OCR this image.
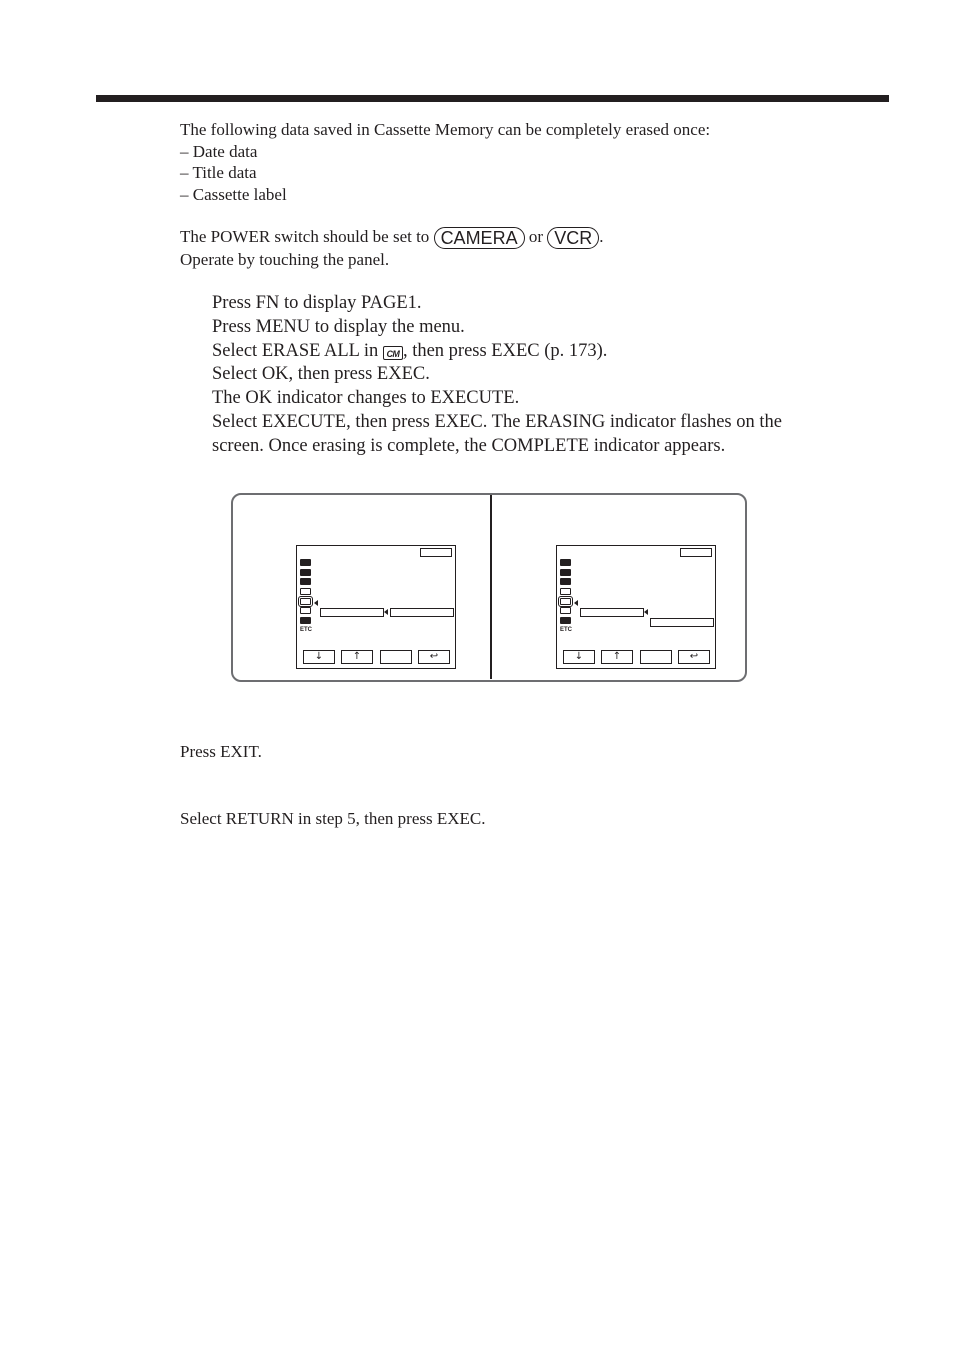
The following data saved in Cassette Memory can be completely erased once:
– Date data
– Title data
– Cassette label
The POWER switch should be set to CAMERA or VCR .
Operate by touching the panel.
Press FN to display PAGE1.
Press MENU to display the menu.
Select ERASE ALL in CM , then press EXEC (p. 173).
Select OK, then press EXEC.
The OK indicator changes to EXECUTE.
Select EXECUTE, then press EXEC. The ERASING indicator flashes on the
screen. Once erasing is complete, the COMPLETE indicator appears.
ETC
↓	↑	↩
ETC
↓	↑	↩
Press EXIT.
Select RETURN in step 5, then press EXEC.
